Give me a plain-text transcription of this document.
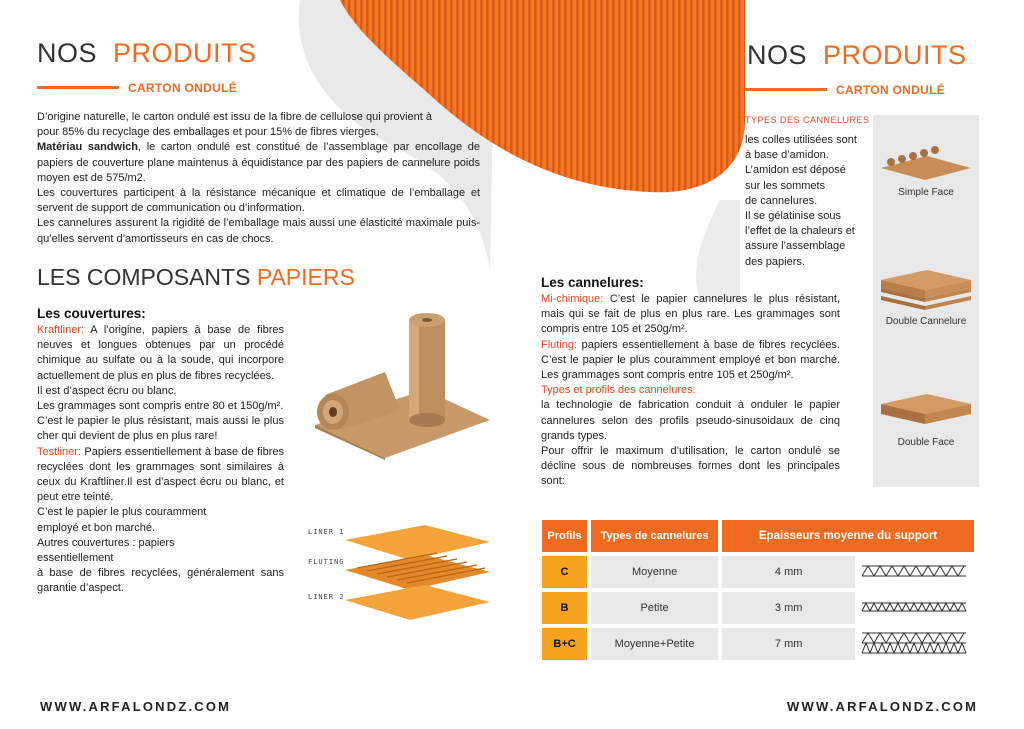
NOS PRODUITS
CARTON ONDULÉ
D’origine naturelle, le carton ondulé est issu de la fibre de cellulose qui provient à
pour 85% du recyclage des emballages et pour 15% de fibres vierges.
Matériau sandwich, le carton ondulé est constitué de l’assemblage par encollage de papiers de couverture plane maintenus à équidistance par des papiers de cannelure poids moyen est de 575/m2.
Les couvertures participent à la résistance mécanique et climatique de l’emballage et servent de support de communication ou d’information.
Les cannelures assurent la rigidité de l’emballage mais aussi une élasticité maximale puis-qu’elles servent d’amortisseurs en cas de chocs.
LES COMPOSANTS PAPIERS
Les couvertures:
Kraftliner: A l’origine, papiers à base de fibres neuves et longues obtenues par un procédé chimique au sulfate ou à la soude, qui incorpore actuellement de plus en plus de fibres recyclées.
Il est d’aspect écru ou blanc.
Les grammages sont compris entre 80 et 150g/m².
C’est le papier le plus résistant, mais aussi le plus cher qui devient de plus en plus rare!
Testliner: Papiers essentiellement à base de fibres recyclées dont les grammages sont similaires à ceux du Kraftliner.Il est d’aspect écru ou blanc, et peut etre teinté.
C’est le papier le plus couramment
employé et bon marché.
Autres couvertures : papiers
essentiellement
à base de fibres recyclées, généralement sans garantie d’aspect.
LINER 1
FLUTING
LINER 2
WWW.ARFALONDZ.COM
NOS PRODUITS
CARTON ONDULÉ
TYPES DES CANNELURES
les colles utilisées sont
à base d’amidon.
L’amidon est déposé
sur les sommets
de cannelures.
Il se gélatinise sous
l’effet de la chaleurs et
assure l’assemblage
des papiers.
Simple Face
Double Cannelure
Double Face
Les cannelures:
Mi-chimique: C’est le papier cannelures le plus résistant, mais qui se fait de plus en plus rare. Les grammages sont compris entre 105 et 250g/m².
Fluting: papiers essentiellement à base de fibres recyclées. C’est le papier le plus couramment employé et bon marché. Les grammages sont compris entre 105 et 250g/m².
Types et profils des cannelures:
la technologie de fabrication conduit à onduler le papier cannelures selon des profils pseudo-sinusoidaux de cinq grands types.
Pour offrir le maximum d’utilisation, le carton ondulé se décline sous de nombreuses formes dont les principales sont:
Profils	Types de cannelures	Epaisseurs moyenne du support	
C	Moyenne	4 mm	
B	Petite	3 mm	
B+C	Moyenne+Petite	7 mm	
WWW.ARFALONDZ.COM
